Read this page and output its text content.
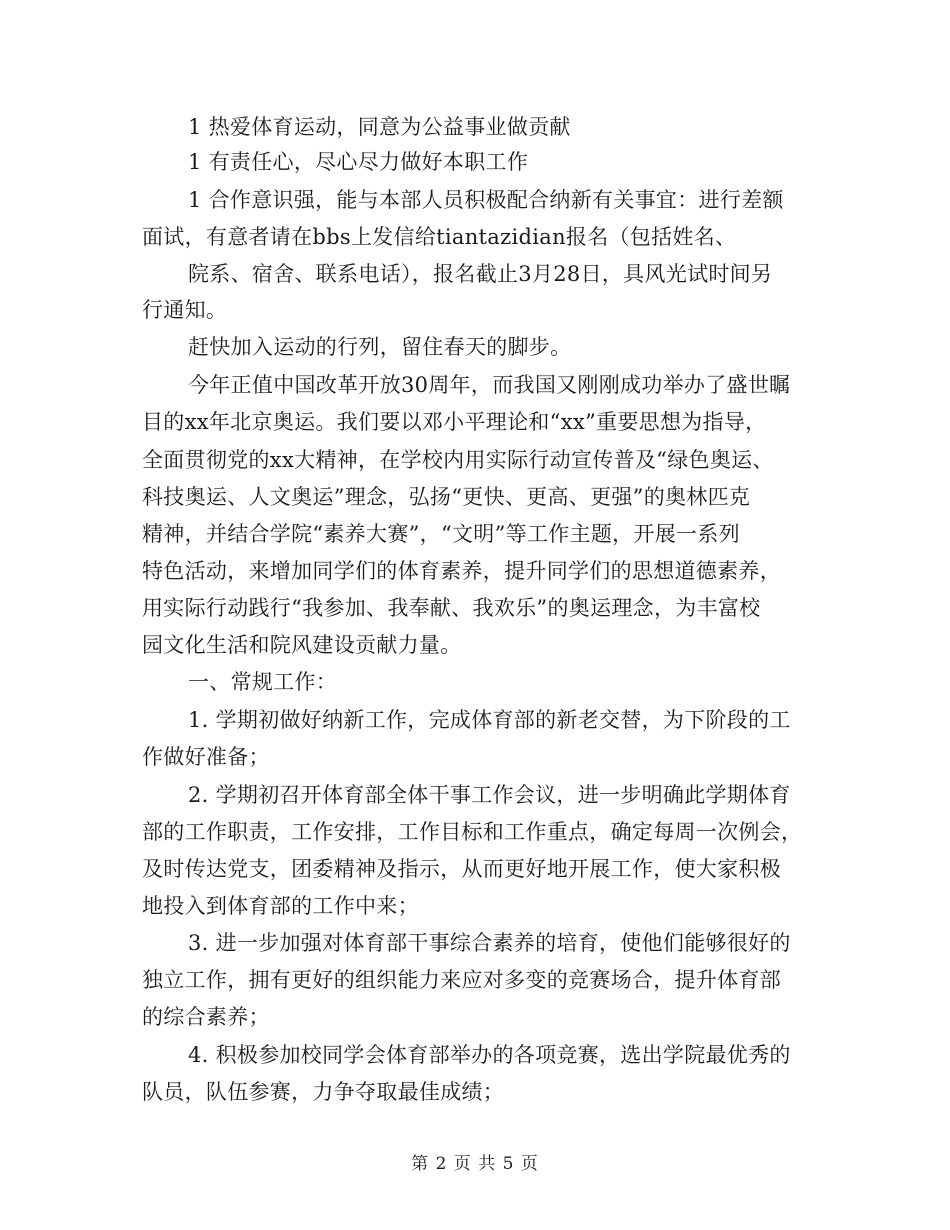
1 热爱体育运动，同意为公益事业做贡献
1 有责任心，尽心尽力做好本职工作
1 合作意识强，能与本部人员积极配合纳新有关事宜：进行差额
面试，有意者请在bbs上发信给tiantazidian报名（包括姓名、
院系、宿舍、联系电话），报名截止3月28日，具风光试时间另
行通知。
赶快加入运动的行列，留住春天的脚步。
今年正值中国改革开放30周年，而我国又刚刚成功举办了盛世瞩
目的xx年北京奥运。我们要以邓小平理论和“xx”重要思想为指导，
全面贯彻党的xx大精神，在学校内用实际行动宣传普及“绿色奥运、
科技奥运、人文奥运”理念，弘扬“更快、更高、更强”的奥林匹克
精神，并结合学院“素养大赛”，“文明”等工作主题，开展一系列
特色活动，来增加同学们的体育素养，提升同学们的思想道德素养，
用实际行动践行“我参加、我奉献、我欢乐”的奥运理念，为丰富校
园文化生活和院风建设贡献力量。
一、常规工作：
1. 学期初做好纳新工作，完成体育部的新老交替，为下阶段的工
作做好准备；
2. 学期初召开体育部全体干事工作会议，进一步明确此学期体育
部的工作职责，工作安排，工作目标和工作重点，确定每周一次例会，
及时传达党支，团委精神及指示，从而更好地开展工作，使大家积极
地投入到体育部的工作中来；
3. 进一步加强对体育部干事综合素养的培育，使他们能够很好的
独立工作，拥有更好的组织能力来应对多变的竞赛场合，提升体育部
的综合素养；
4. 积极参加校同学会体育部举办的各项竞赛，选出学院最优秀的
队员，队伍参赛，力争夺取最佳成绩；
第 2 页 共 5 页
